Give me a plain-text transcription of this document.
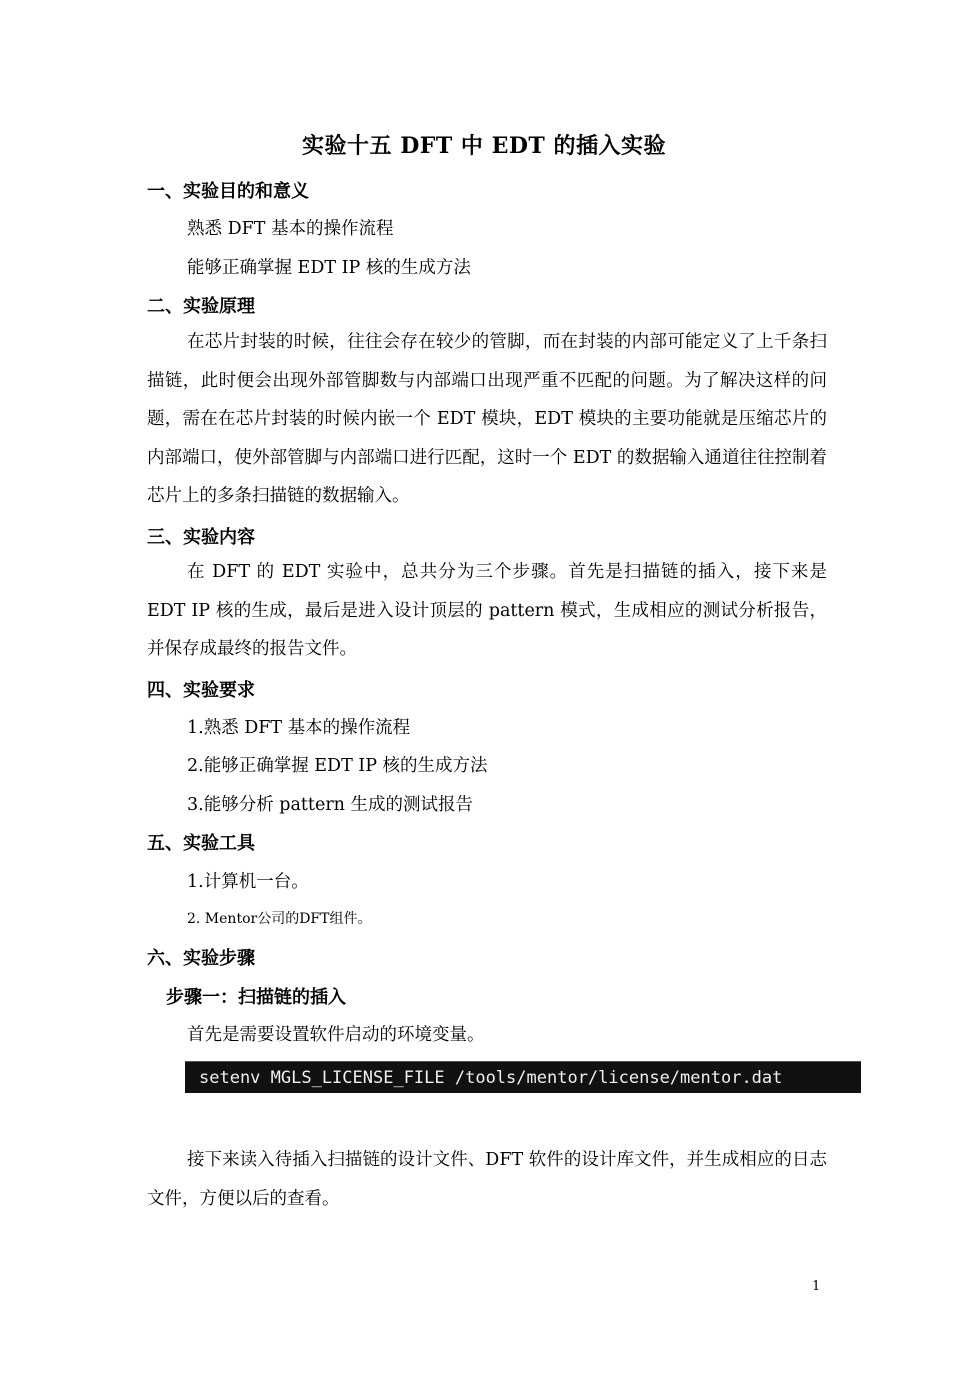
实验十五 DFT 中 EDT 的插入实验
一、实验目的和意义
熟悉 DFT 基本的操作流程
能够正确掌握 EDT IP 核的生成方法
二、实验原理
在芯片封装的时候，往往会存在较少的管脚，而在封装的内部可能定义了上千条扫描链，此时便会出现外部管脚数与内部端口出现严重不匹配的问题。为了解决这样的问题，需在在芯片封装的时候内嵌一个 EDT 模块，EDT 模块的主要功能就是压缩芯片的内部端口，使外部管脚与内部端口进行匹配，这时一个 EDT 的数据输入通道往往控制着芯片上的多条扫描链的数据输入。
三、实验内容
在 DFT 的 EDT 实验中，总共分为三个步骤。首先是扫描链的插入，接下来是 EDT IP 核的生成，最后是进入设计顶层的 pattern 模式，生成相应的测试分析报告，并保存成最终的报告文件。
四、实验要求
1.熟悉 DFT 基本的操作流程
2.能够正确掌握 EDT IP 核的生成方法
3.能够分析 pattern 生成的测试报告
五、实验工具
1.计算机一台。
2. Mentor公司的DFT组件。
六、实验步骤
步骤一：扫描链的插入
首先是需要设置软件启动的环境变量。
setenv MGLS_LICENSE_FILE /tools/mentor/license/mentor.dat
接下来读入待插入扫描链的设计文件、DFT 软件的设计库文件，并生成相应的日志文件，方便以后的查看。
1
